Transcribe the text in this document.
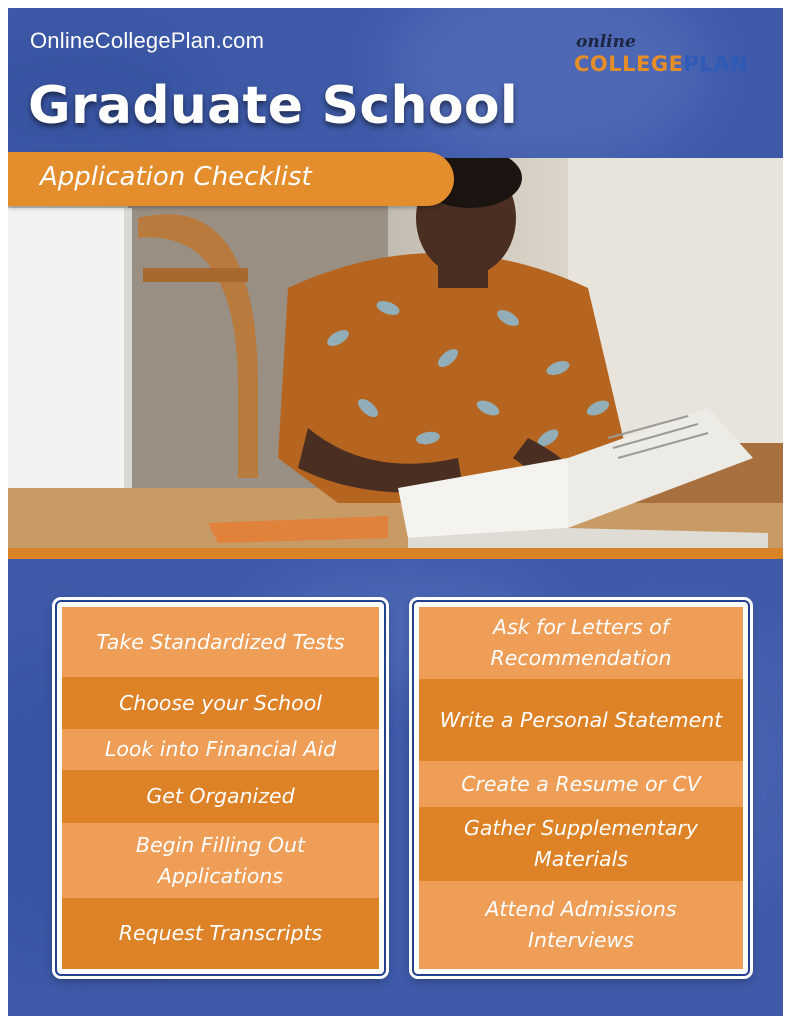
OnlineCollegePlan.com	online
COLLEGEPLAN
Graduate School
Application Checklist
Take Standardized Tests
Choose your School
Look into Financial Aid
Get Organized
Begin Filling Out Applications
Request Transcripts
Ask for Letters of Recommendation
Write a Personal Statement
Create a Resume or CV
Gather Supplementary Materials
Attend Admissions Interviews
